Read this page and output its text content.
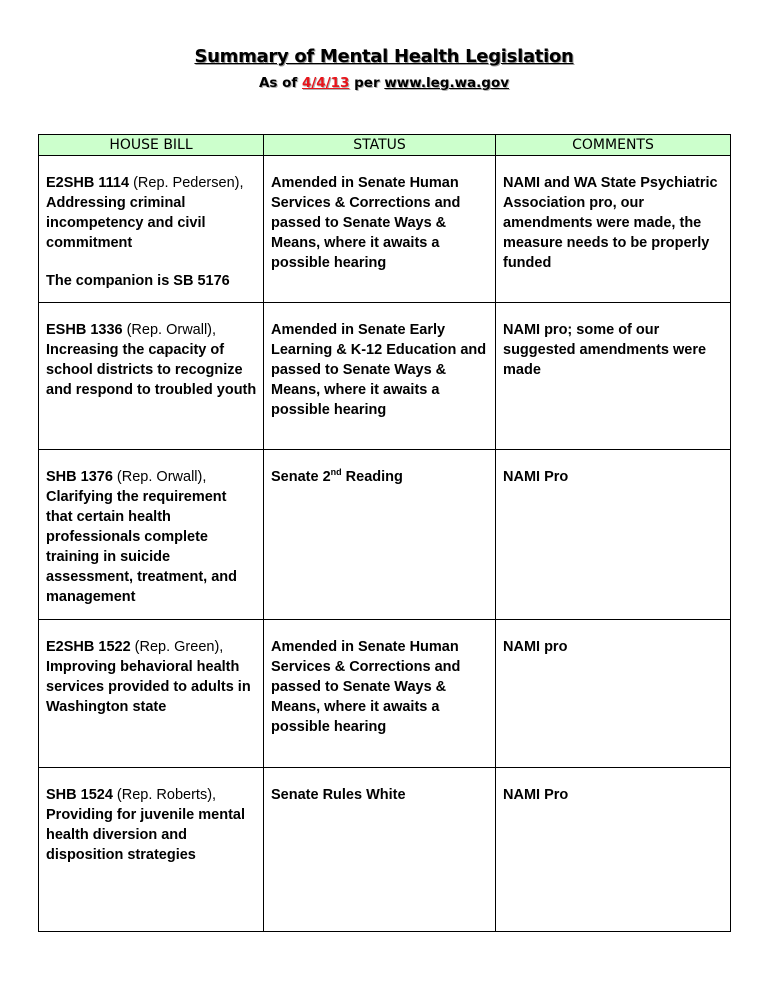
Summary of Mental Health Legislation
As of 4/4/13 per www.leg.wa.gov
HOUSE BILL	STATUS	COMMENTS
E2SHB 1114 (Rep. Pedersen), Addressing criminal incompetency and civil commitment
The companion is SB 5176	Amended in Senate Human Services & Corrections and passed to Senate Ways & Means, where it awaits a possible hearing	NAMI and WA State Psychiatric Association pro, our amendments were made, the measure needs to be properly funded
ESHB 1336 (Rep. Orwall), Increasing the capacity of school districts to recognize and respond to troubled youth	Amended in Senate Early Learning & K-12 Education and passed to Senate Ways & Means, where it awaits a possible hearing	NAMI pro; some of our suggested amendments were made
SHB 1376 (Rep. Orwall), Clarifying the requirement that certain health professionals complete training in suicide assessment, treatment, and management	Senate 2nd Reading	NAMI Pro
E2SHB 1522 (Rep. Green), Improving behavioral health services provided to adults in Washington state	Amended in Senate Human Services & Corrections and passed to Senate Ways & Means, where it awaits a possible hearing	NAMI pro
SHB 1524 (Rep. Roberts), Providing for juvenile mental health diversion and disposition strategies	Senate Rules White	NAMI Pro
